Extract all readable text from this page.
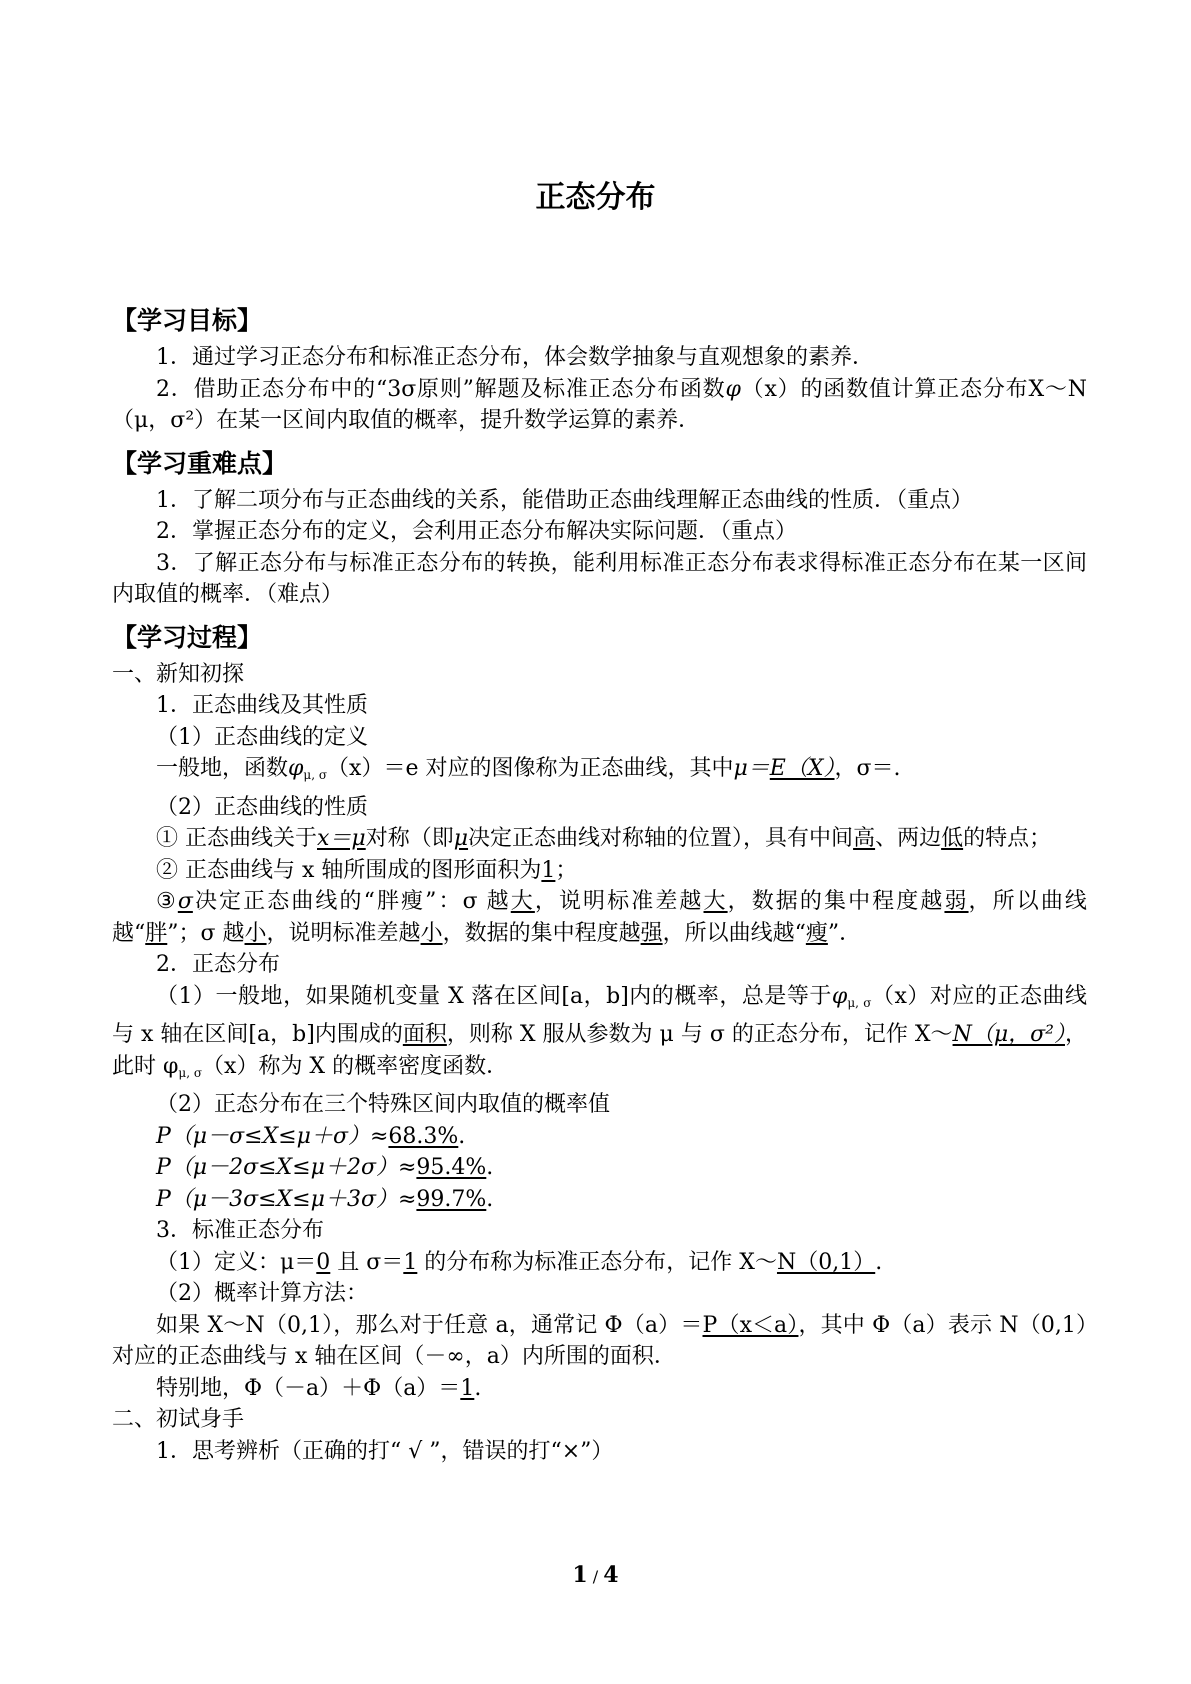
正态分布
【学习目标】

1．通过学习正态分布和标准正态分布，体会数学抽象与直观想象的素养．

2．借助正态分布中的“3σ原则”解题及标准正态分布函数φ（x）的函数值计算正态分布X～N（μ，σ²）在某一区间内取值的概率，提升数学运算的素养．

【学习重难点】

1．了解二项分布与正态曲线的关系，能借助正态曲线理解正态曲线的性质．（重点）

2．掌握正态分布的定义，会利用正态分布解决实际问题．（重点）

3．了解正态分布与标准正态分布的转换，能利用标准正态分布表求得标准正态分布在某一区间内取值的概率．（难点）

【学习过程】

一、新知初探

1．正态曲线及其性质

（1）正态曲线的定义

一般地，函数$\varphi_{\mu, \sigma}(x)=e$ 对应的图像称为正态曲线，其中μ＝E（X），σ＝.

（2）正态曲线的性质

① 正态曲线关于x＝μ对称（即μ决定正态曲线对称轴的位置），具有中间高、两边低的特点；

② 正态曲线与 x 轴所围成的图形面积为1；

③σ决定正态曲线的“胖瘦”：σ 越大，说明标准差越大，数据的集中程度越弱，所以曲线越“胖”；σ 越小，说明标准差越小，数据的集中程度越强，所以曲线越“瘦”．

2．正态分布

（1）一般地，如果随机变量 X 落在区间[a，b]内的概率，总是等于$\varphi_{\mu, \sigma}(x)$对应的正态曲线与 x 轴在区间[a，b]内围成的面积，则称 X 服从参数为 μ 与 σ 的正态分布，记作 X～N（μ，σ²），此时 $\varphi_{\mu, \sigma}(x)$称为 X 的概率密度函数．

（2）正态分布在三个特殊区间内取值的概率值

P（μ－σ≤X≤μ＋σ）≈68.3%.

P（μ－2σ≤X≤μ＋2σ）≈95.4%.

P（μ－3σ≤X≤μ＋3σ）≈99.7%.

3．标准正态分布

（1）定义：μ＝0 且 σ＝1 的分布称为标准正态分布，记作 X～N（0,1）.

（2）概率计算方法：

如果 X～N（0,1），那么对于任意 a，通常记 Φ（a）＝P（x＜a），其中 Φ（a）表示 N（0,1）对应的正态曲线与 x 轴在区间（－∞，a）内所围的面积．

特别地，Φ（－a）＋Φ（a）＝1.

二、初试身手

1．思考辨析（正确的打“ √ ”，错误的打“×”）

1 / 4
